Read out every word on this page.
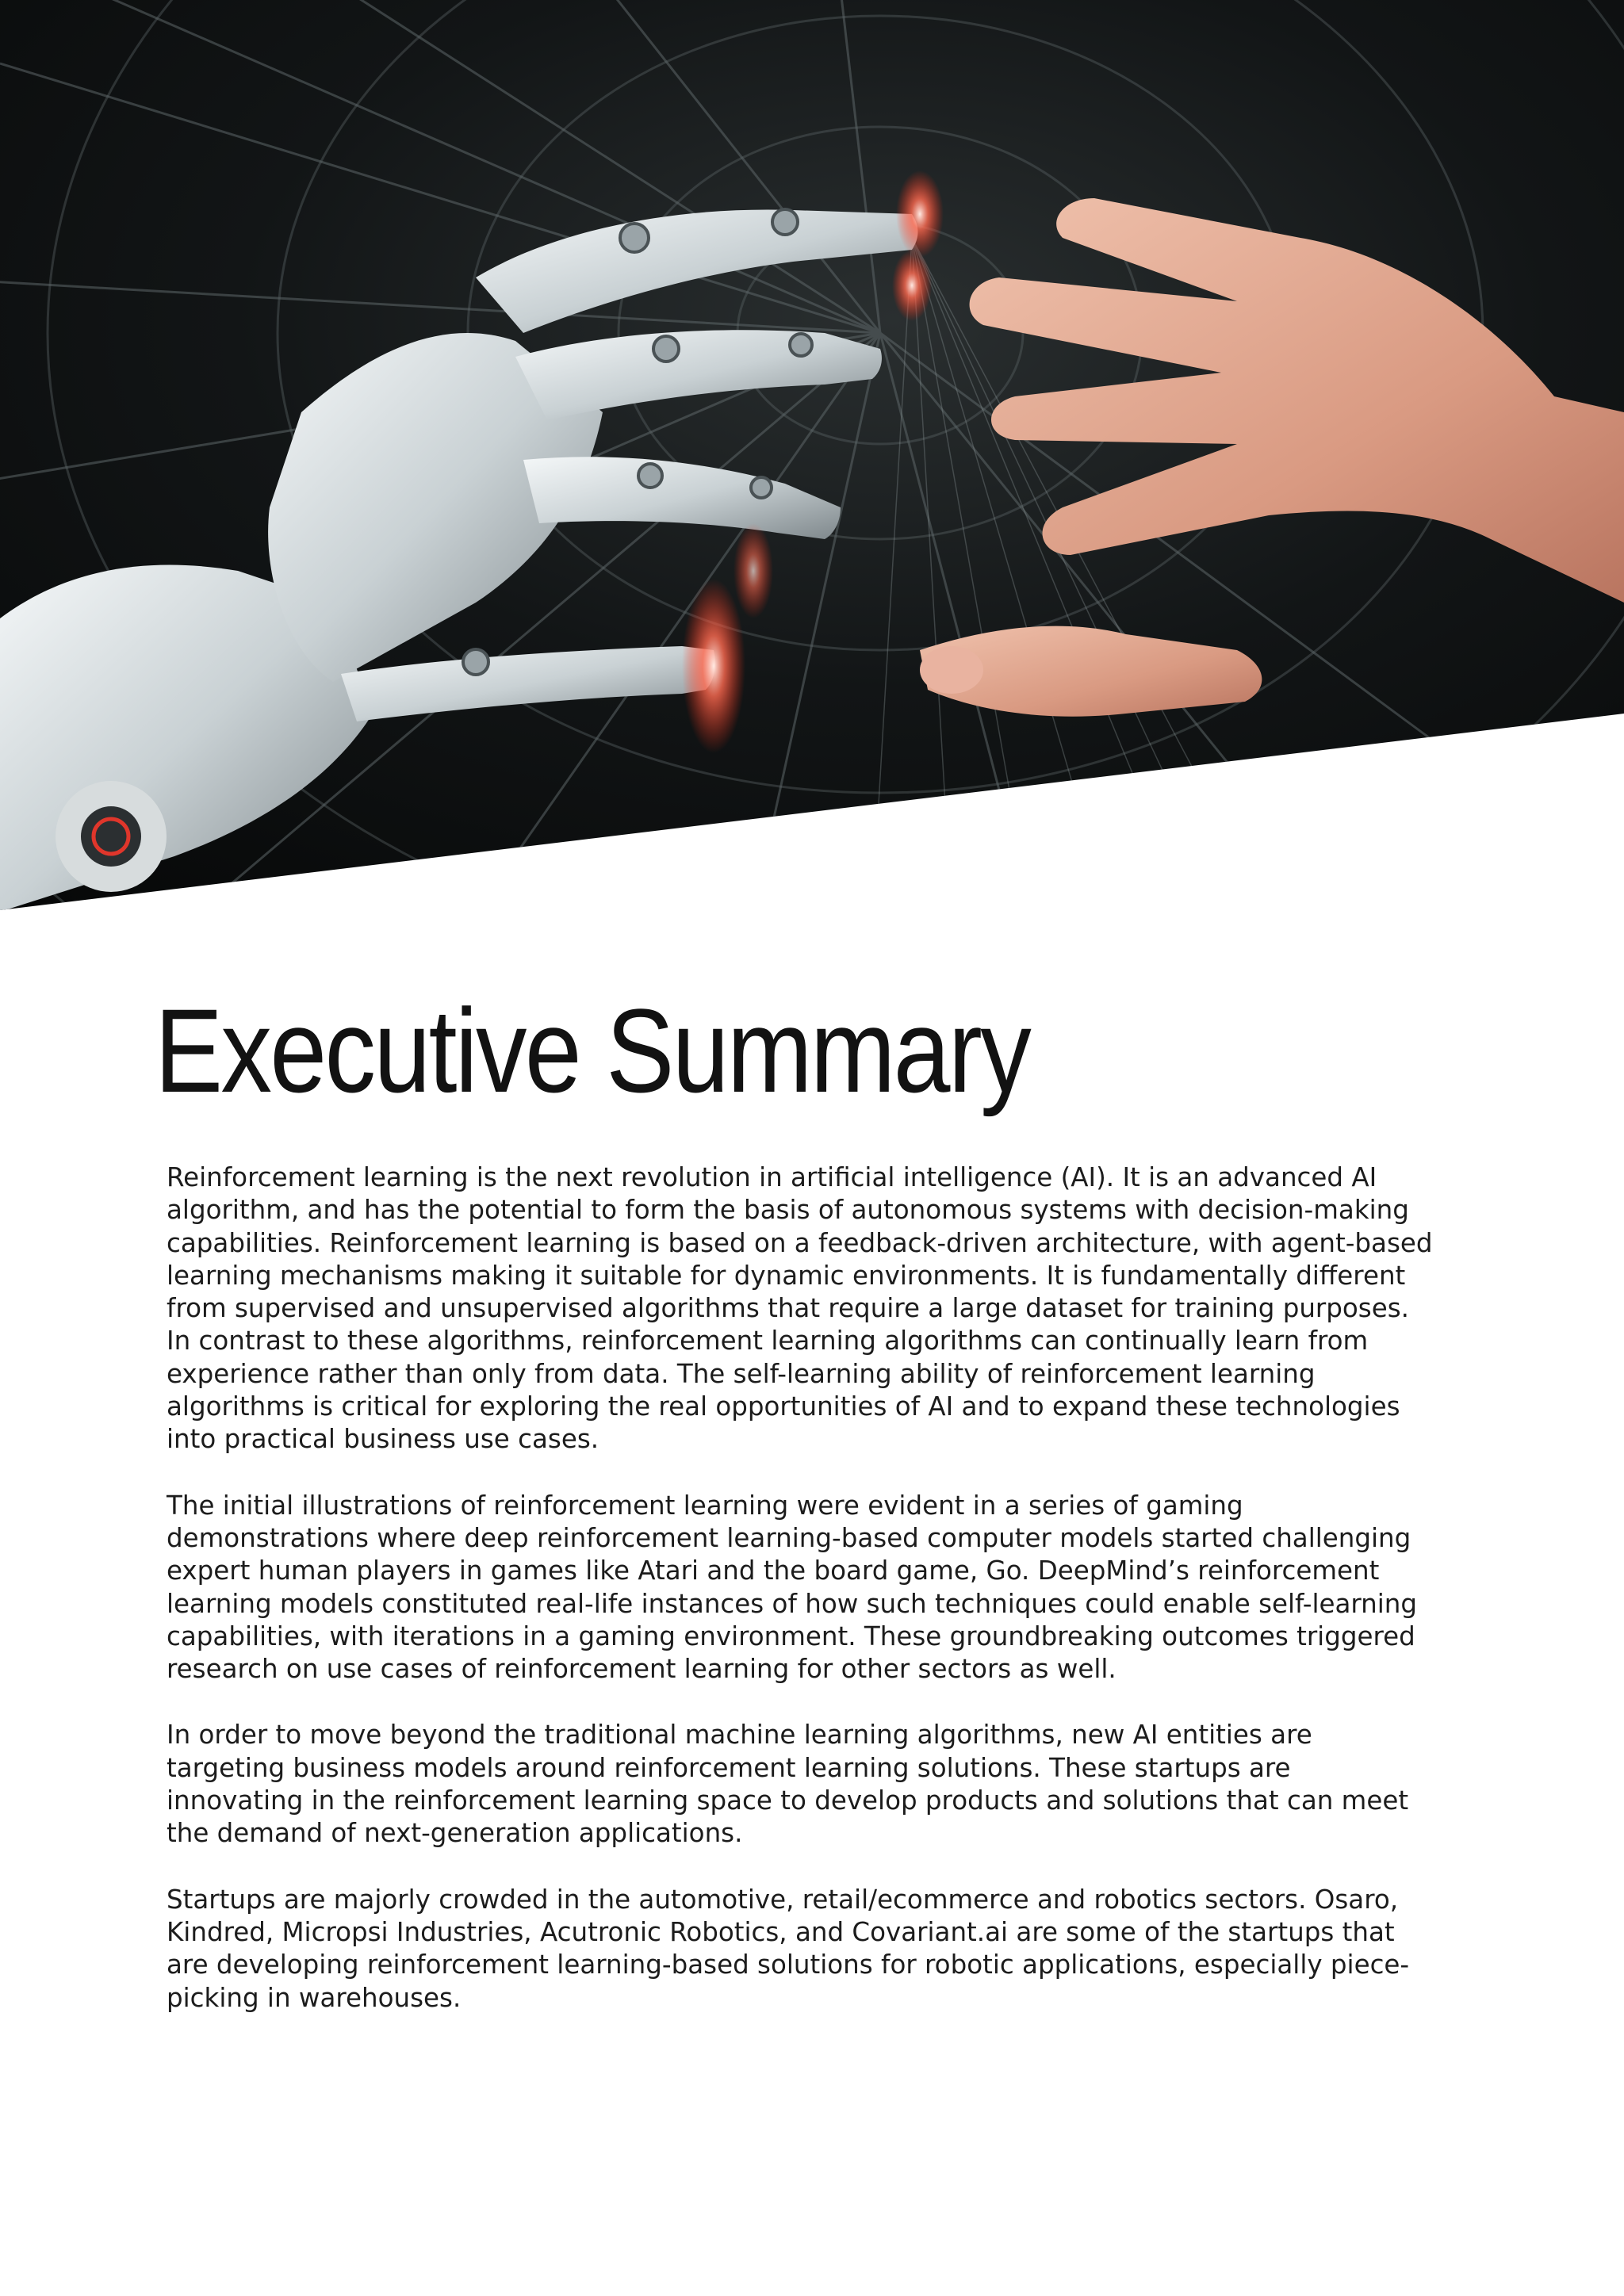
Executive Summary

Reinforcement learning is the next revolution in artificial intelligence (AI). It is an advanced AI algorithm, and has the potential to form the basis of autonomous systems with decision-making capabilities. Reinforcement learning is based on a feedback-driven architecture, with agent-based learning mechanisms making it suitable for dynamic environments. It is fundamentally different from supervised and unsupervised algorithms that require a large dataset for training purposes. In contrast to these algorithms, reinforcement learning algorithms can continually learn from experience rather than only from data. The self-learning ability of reinforcement learning algorithms is critical for exploring the real opportunities of AI and to expand these technologies into practical business use cases.

The initial illustrations of reinforcement learning were evident in a series of gaming demonstrations where deep reinforcement learning-based computer models started challenging expert human players in games like Atari and the board game, Go. DeepMind’s reinforcement learning models constituted real-life instances of how such techniques could enable self-learning capabilities, with iterations in a gaming environment. These groundbreaking outcomes triggered research on use cases of reinforcement learning for other sectors as well.

In order to move beyond the traditional machine learning algorithms, new AI entities are targeting business models around reinforcement learning solutions. These startups are innovating in the reinforcement learning space to develop products and solutions that can meet the demand of next-generation applications.

Startups are majorly crowded in the automotive, retail/ecommerce and robotics sectors. Osaro, Kindred, Micropsi Industries, Acutronic Robotics, and Covariant.ai are some of the startups that are developing reinforcement learning-based solutions for robotic applications, especially piece-picking in warehouses.
